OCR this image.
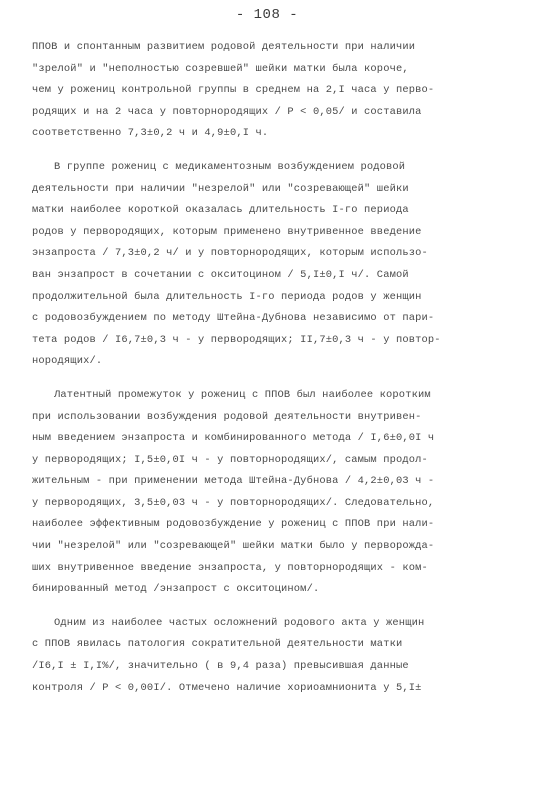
- 108 -
ППОВ и спонтанным развитием родовой деятельности при наличии
"зрелой" и "неполностью созревшей" шейки матки была короче,
чем у рожениц контрольной группы в среднем на 2,I часа у перво-
родящих и на 2 часа у повторнородящих / Р < 0,05/ и составила
соответственно 7,3±0,2 ч и 4,9±0,I ч.
В группе рожениц с медикаментозным возбуждением родовой
деятельности при наличии "незрелой" или "созревающей" шейки
матки наиболее короткой оказалась длительность I-го периода
родов у первородящих, которым применено внутривенное введение
энзапроста / 7,3±0,2 ч/ и у повторнородящих, которым использо-
ван энзапрост в сочетании с окситоцином / 5,I±0,I ч/. Самой
продолжительной была длительность I-го периода родов у женщин
с родовозбуждением по методу Штейна-Дубнова независимо от пари-
тета родов / I6,7±0,3 ч - у первородящих; II,7±0,3 ч - у повтор-
нородящих/.
Латентный промежуток у рожениц с ППОВ был наиболее коротким
при использовании возбуждения родовой деятельности внутривен-
ным введением энзапроста и комбинированного метода / I,6±0,0I ч
у первородящих; I,5±0,0I ч - у повторнородящих/, самым продол-
жительным - при применении метода Штейна-Дубнова / 4,2±0,03 ч -
у первородящих, 3,5±0,03 ч - у повторнородящих/. Следовательно,
наиболее эффективным родовозбуждение у рожениц с ППОВ при нали-
чии "незрелой" или "созревающей" шейки матки было у перворожда-
ших внутривенное введение энзапроста, у повторнородящих - ком-
бинированный метод /энзапрост с окситоцином/.
Одним из наиболее частых осложнений родового акта у женщин
с ППОВ явилась патология сократительной деятельности матки
/I6,I ± I,I%/, значительно ( в 9,4 раза) превысившая данные
контроля / Р < 0,00I/. Отмечено наличие хориоамнионита у 5,I±
